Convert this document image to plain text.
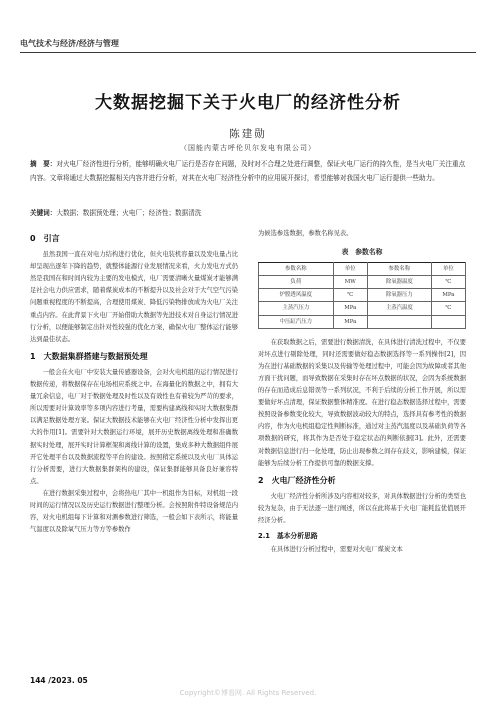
电气技术与经济/经济与管理
大数据挖掘下关于火电厂的经济性分析
陈建勋
（国能内蒙古呼伦贝尔发电有限公司）
摘　要：对火电厂经济性进行分析，能够明确火电厂运行是否存在问题，及时对不合理之处进行调整，保证火电厂运行的持久性，是当火电厂关注重点内容。文章将通过大数据挖掘相关内容并进行分析，对其在火电厂经济性分析中的应用展开探讨，希望能够对我国火电厂运行提供一些助力。
关键词：大数据；数据预处理；火电厂；经济性；数据清洗
0　引言

虽然我国一直在对电力结构进行优化，但火电装机容量以及发电量占比却呈现出逐年下降的趋势，就整体能源行业发展情况来看，火力发电方式仍然是我国在和时间内较为主要的发电模式，电厂需要清晰火量煤炭才能够满足社会电力供应需求，随着煤炭成本的不断提升以及社会对于大气空气污染问题重视程度的不断提高，合理使用煤炭、降低污染物排放成为火电厂关注重点内容。在此背景下火电厂开始借助大数据等先进技术对自身运行情况进行分析，以便能够制定出针对性较强的优化方案，确保火电厂整体运行能够达到最佳状态。

1　大数据集群搭建与数据预处理

一般会在火电厂中安装大量传感器设备，会对火电机组的运行情况进行数据传递，将数据保存在电场相应系统之中。在海量化的数据之中，拥有大量冗余信息，电厂对于数据处理及时性以及有效性也有着较为严苛的要求，所以需要对计算效率等多项内容进行考量，需要构建离线和实时大数据集群以满足数据处理方案。保证大数据技术能够在火电厂经济性分析中发挥出更大的作用[1]。需要针对大数据运行环境，展开历史数据离线处理和准确数据实时处理，展开实时计算框架和离线计算的设置，集成多种大数据组件展开它处理平台以及数据流程等平台的建设。按照稍定系统以及火电厂具体运行分析需要，进行大数据集群架构的建设，保证集群能够具备良好兼容特点。

在进行数据采集过程中，会将热电厂其中一机组作为目标，对机组一段时间的运行情况以及历史运行数据进行整理分析。会按照附件特设备规范内容，对火电机组每下计算和对测参数进行筛选，一般会如下表所示，将能量气温度以及除氧气压力等方等参数作

为候选参选数据，参数名称见表。

表　参数名称
参数名称	单位	参数名称	单位
负荷	MW	除氧器温度	℃
炉膛透风温度	℃	除氧器压力	MPa
主蒸汽压力	MPa	主蒸汽温度	℃
中压缸汽压力	MPa		

在获取数据之后，需要进行数据清洗，在具体进行清洗过程中，不仅要对坏点进行剔除处理，同时还需要做好稳态数据选择等一系列操作[2]，因为在进行基础数据的采集以及传输等处理过程中，可能会因为故障或者其他方面干扰问题，而导致数据在采集时存在坏点数据的状况，会因为系统数据的存在而造成后息错误等一系列状况，不利于后续的分析工作开展，所以需要做好坏点清理，保证数据整体精准度。在进行稳态数据选择过程中，需要按照设备参数变化较大，导致数据波动较大的特点，选择具有参考性的数据内容，作为火电机组稳定性判断标准，通过对主蒸汽温度以及基础负荷等各项数据的研究，将其作为是否处于稳定状态的判断依据[3]。此外，还需要对数据信息进行归一化处理，防止出现参数之间存在歧义，影响建模，保证能够为后续分析工作提供可靠的数据支撑。

2　火电厂经济性分析

火电厂经济性分析所涉及内容相对较多，对具体数据进行分析的类型也较为复杂，由于无法逐一进行阐述，所以在此将基于火电厂能耗监优值展开经济分析。

2.1　基本分析思路

在具体进行分析过程中，需要对火电厂煤炭文本

144 /2023. 05
Copyright©博看网. All Rights Reserved.
